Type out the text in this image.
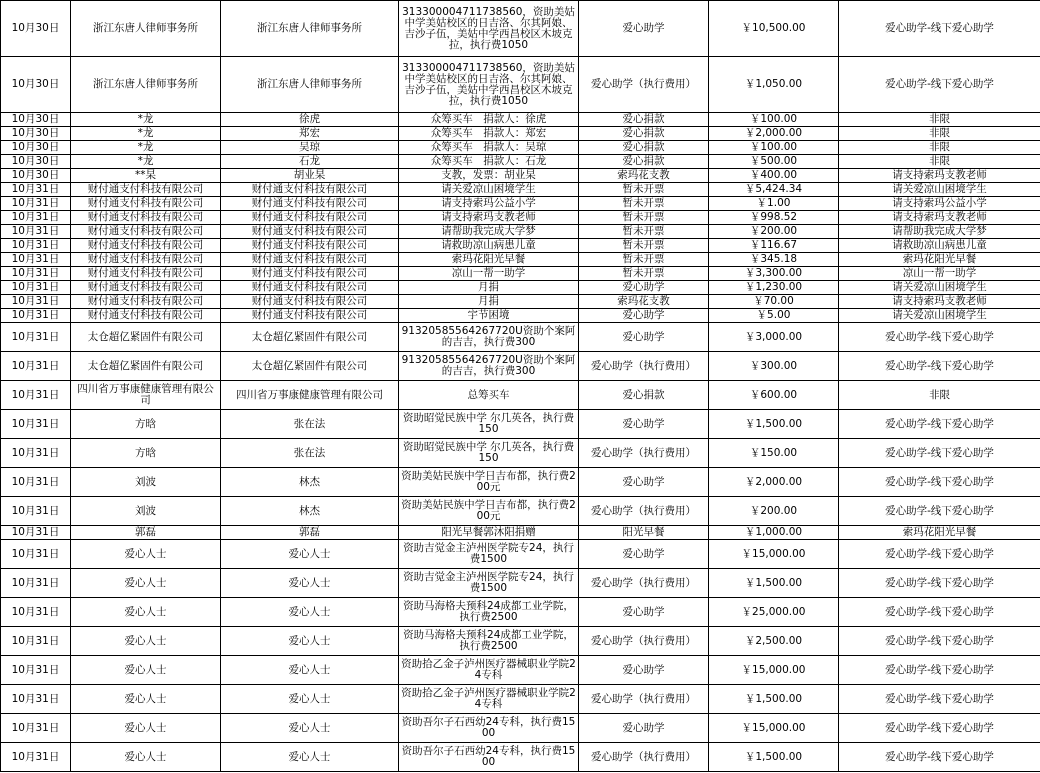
10月30日	浙江东唐人律师事务所	浙江东唐人律师事务所	313300004711738560，资助美姑中学美姑校区的日吉洛、尔其阿娘、吉沙子伍，美姑中学西昌校区木坡克拉，执行费1050	爱心助学	￥10,500.00	爱心助学-线下爱心助学
10月30日	浙江东唐人律师事务所	浙江东唐人律师事务所	313300004711738560，资助美姑中学美姑校区的日吉洛、尔其阿娘、吉沙子伍，美姑中学西昌校区木坡克拉，执行费1050	爱心助学（执行费用）	￥1,050.00	爱心助学-线下爱心助学
10月30日	*龙	徐虎	众筹买车　捐款人：徐虎	爱心捐款	￥100.00	非限
10月30日	*龙	郑宏	众筹买车　捐款人：郑宏	爱心捐款	￥2,000.00	非限
10月30日	*龙	吴琼	众筹买车　捐款人：吴琼	爱心捐款	￥100.00	非限
10月30日	*龙	石龙	众筹买车　捐款人：石龙	爱心捐款	￥500.00	非限
10月30日	**杲	胡业杲	支教，发票：胡业杲	索玛花支教	￥400.00	请支持索玛支教老师
10月31日	财付通支付科技有限公司	财付通支付科技有限公司	请关爱凉山困境学生	暂未开票	￥5,424.34	请关爱凉山困境学生
10月31日	财付通支付科技有限公司	财付通支付科技有限公司	请支持索玛公益小学	暂未开票	￥1.00	请支持索玛公益小学
10月31日	财付通支付科技有限公司	财付通支付科技有限公司	请支持索玛支教老师	暂未开票	￥998.52	请支持索玛支教老师
10月31日	财付通支付科技有限公司	财付通支付科技有限公司	请帮助我完成大学梦	暂未开票	￥200.00	请帮助我完成大学梦
10月31日	财付通支付科技有限公司	财付通支付科技有限公司	请救助凉山病患儿童	暂未开票	￥116.67	请救助凉山病患儿童
10月31日	财付通支付科技有限公司	财付通支付科技有限公司	索玛花阳光早餐	暂未开票	￥345.18	索玛花阳光早餐
10月31日	财付通支付科技有限公司	财付通支付科技有限公司	凉山一帮一助学	暂未开票	￥3,300.00	凉山一帮一助学
10月31日	财付通支付科技有限公司	财付通支付科技有限公司	月捐	爱心助学	￥1,230.00	请关爱凉山困境学生
10月31日	财付通支付科技有限公司	财付通支付科技有限公司	月捐	索玛花支教	￥70.00	请支持索玛支教老师
10月31日	财付通支付科技有限公司	财付通支付科技有限公司	宇节困境	爱心助学	￥5.00	请关爱凉山困境学生
10月31日	太仓超亿紧固件有限公司	太仓超亿紧固件有限公司	91320585564267720U资助个案阿的吉吉，执行费300	爱心助学	￥3,000.00	爱心助学-线下爱心助学
10月31日	太仓超亿紧固件有限公司	太仓超亿紧固件有限公司	91320585564267720U资助个案阿的吉吉，执行费300	爱心助学（执行费用）	￥300.00	爱心助学-线下爱心助学
10月31日	四川省万事康健康管理有限公司	四川省万事康健康管理有限公司	总筹买车	爱心捐款	￥600.00	非限
10月31日	方晗	张在法	资助昭觉民族中学 尔几英各，执行费150	爱心助学	￥1,500.00	爱心助学-线下爱心助学
10月31日	方晗	张在法	资助昭觉民族中学 尔几英各，执行费150	爱心助学（执行费用）	￥150.00	爱心助学-线下爱心助学
10月31日	刘波	林杰	资助美姑民族中学日吉布都，执行费200元	爱心助学	￥2,000.00	爱心助学-线下爱心助学
10月31日	刘波	林杰	资助美姑民族中学日吉布都，执行费200元	爱心助学（执行费用）	￥200.00	爱心助学-线下爱心助学
10月31日	郭磊	郭磊	阳光早餐郭沐阳捐赠	阳光早餐	￥1,000.00	索玛花阳光早餐
10月31日	爱心人士	爱心人士	资助吉觉金主泸州医学院专24，执行费1500	爱心助学	￥15,000.00	爱心助学-线下爱心助学
10月31日	爱心人士	爱心人士	资助吉觉金主泸州医学院专24，执行费1500	爱心助学（执行费用）	￥1,500.00	爱心助学-线下爱心助学
10月31日	爱心人士	爱心人士	资助马海格夫预科24成都工业学院，执行费2500	爱心助学	￥25,000.00	爱心助学-线下爱心助学
10月31日	爱心人士	爱心人士	资助马海格夫预科24成都工业学院，执行费2500	爱心助学（执行费用）	￥2,500.00	爱心助学-线下爱心助学
10月31日	爱心人士	爱心人士	资助拾乙金子泸州医疗器械职业学院24专科	爱心助学	￥15,000.00	爱心助学-线下爱心助学
10月31日	爱心人士	爱心人士	资助拾乙金子泸州医疗器械职业学院24专科	爱心助学（执行费用）	￥1,500.00	爱心助学-线下爱心助学
10月31日	爱心人士	爱心人士	资助吾尔子石西幼24专科，执行费1500	爱心助学	￥15,000.00	爱心助学-线下爱心助学
10月31日	爱心人士	爱心人士	资助吾尔子石西幼24专科，执行费1500	爱心助学（执行费用）	￥1,500.00	爱心助学-线下爱心助学
